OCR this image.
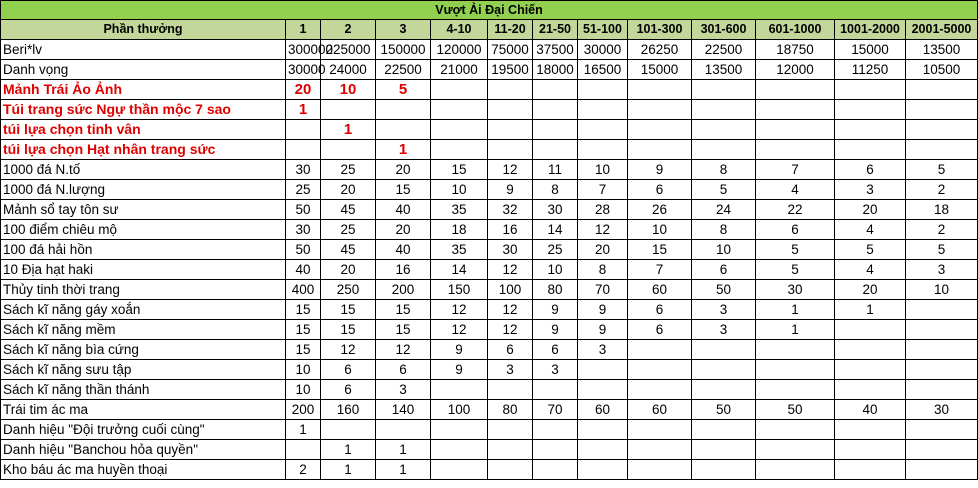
Vượt Ải Đại Chiến												
Phần thưởng	1	2	3	4-10	11-20	21-50	51-100	101-300	301-600	601-1000	1001-2000	2001-5000
Beri*lv	300000	225000	150000	120000	75000	37500	30000	26250	22500	18750	15000	13500
Danh vọng	30000	24000	22500	21000	19500	18000	16500	15000	13500	12000	11250	10500
Mảnh Trái Ảo Ảnh	20	10	5									
Túi trang sức Ngự thần mộc 7 sao	1											
túi lựa chọn tinh vân		1										
túi lựa chọn Hạt nhân trang sức			1									
1000 đá N.tố	30	25	20	15	12	11	10	9	8	7	6	5
1000 đá N.lượng	25	20	15	10	9	8	7	6	5	4	3	2
Mảnh sổ tay tôn sư	50	45	40	35	32	30	28	26	24	22	20	18
100 điểm chiêu mộ	30	25	20	18	16	14	12	10	8	6	4	2
100 đá hải hồn	50	45	40	35	30	25	20	15	10	5	5	5
10 Địa hạt haki	40	20	16	14	12	10	8	7	6	5	4	3
Thủy tinh thời trang	400	250	200	150	100	80	70	60	50	30	20	10
Sách kĩ năng gáy xoắn	15	15	15	12	12	9	9	6	3	1	1	
Sách kĩ năng mềm	15	15	15	12	12	9	9	6	3	1		
Sách kĩ năng bìa cứng	15	12	12	9	6	6	3					
Sách kĩ năng sưu tập	10	6	6	9	3	3						
Sách kĩ năng thần thánh	10	6	3									
Trái tim ác ma	200	160	140	100	80	70	60	60	50	50	40	30
Danh hiệu "Đội trưởng cuối cùng"	1											
Danh hiệu "Banchou hỏa quyền"		1	1									
Kho báu ác ma huyền thoại	2	1	1									
